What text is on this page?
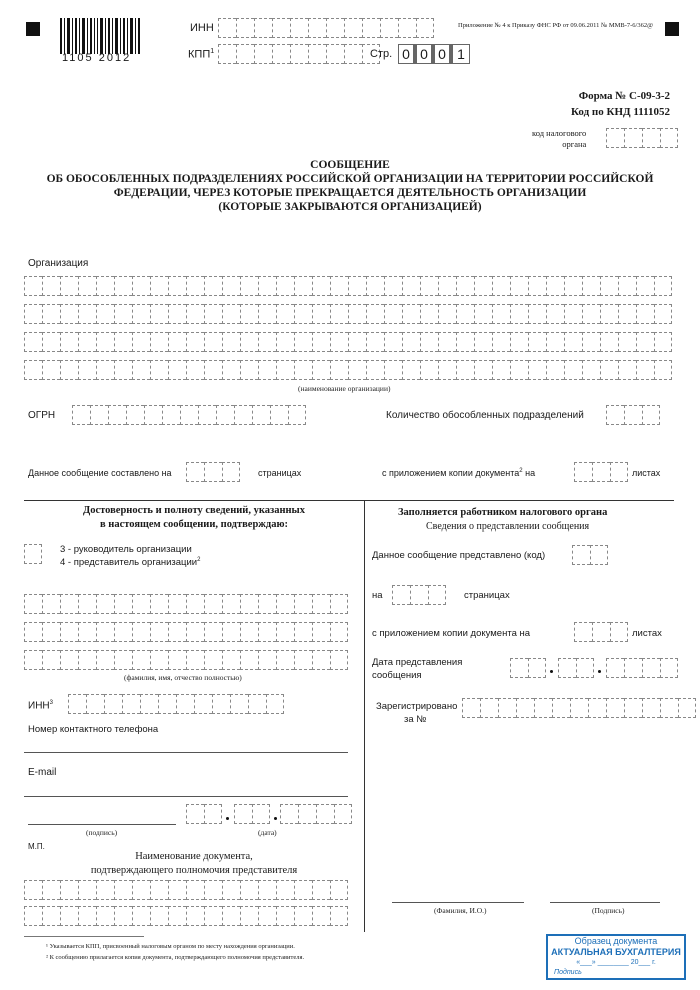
1105 2012
ИНН
КПП$^1$	Стр. 0 0 0 1
Приложение № 4 к Приказу ФНС РФ от 09.06.2011 № ММВ-7-6/362@
Форма № С-09-3-2
Код по КНД 1111052
код налогового
органа
СООБЩЕНИЕ
ОБ ОБОСОБЛЕННЫХ ПОДРАЗДЕЛЕНИЯХ РОССИЙСКОЙ ОРГАНИЗАЦИИ НА ТЕРРИТОРИИ РОССИЙСКОЙ
ФЕДЕРАЦИИ, ЧЕРЕЗ КОТОРЫЕ ПРЕКРАЩАЕТСЯ ДЕЯТЕЛЬНОСТЬ ОРГАНИЗАЦИИ
(КОТОРЫЕ ЗАКРЫВАЮТСЯ ОРГАНИЗАЦИЕЙ)
Организация
(наименование организации)
ОГРН	Количество обособленных подразделений
Данное сообщение составлено на	страницах	с приложением копии документа$^2$ на	листах
Достоверность и полноту сведений, указанных
в настоящем сообщении, подтверждаю:
3 - руководитель организации
4 - представитель организации$^2$
(фамилия, имя, отчество полностью)
ИНН$^3$
Номер контактного телефона
E-mail
(подпись)	(дата)
М.П.
Наименование документа,
подтверждающего полномочия представителя
Заполняется работником налогового органа
Сведения о представлении сообщения
Данное сообщение представлено (код)
на	страницах
с приложением копии документа на	листах
Дата представления
сообщения
Зарегистрировано
за №
(Фамилия, И.О.)	(Подпись)
¹ Указывается КПП, присвоенный налоговым органом по месту нахождения организации.
² К сообщению прилагается копия документа, подтверждающего полномочия представителя.
Образец документа
АКТУАЛЬНАЯ БУХГАЛТЕРИЯ
«___» ________ 20___ г.
Подпись
